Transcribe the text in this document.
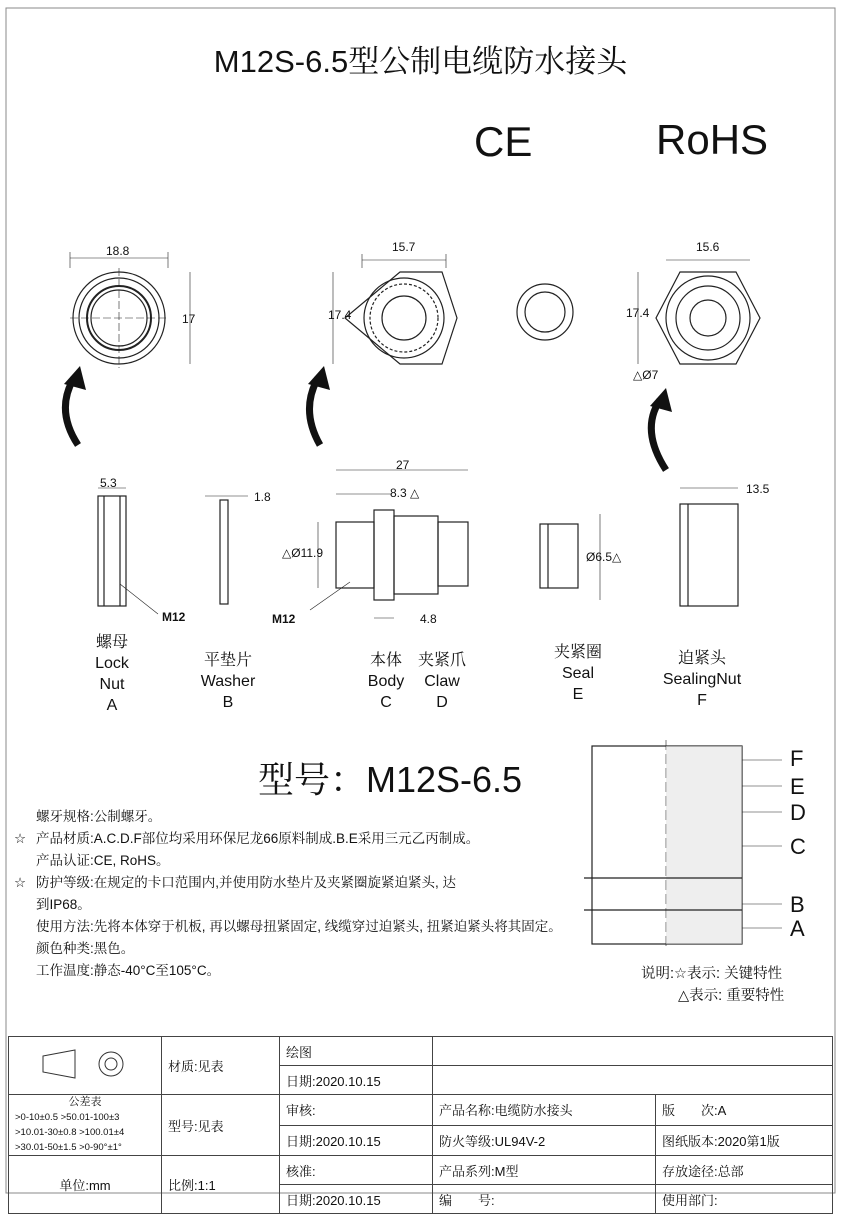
M12S-6.5型公制电缆防水接头
CE	RoHS
18.8
17
15.7
17.4
15.6
17.4
△Ø7
5.3
1.8
27
8.3 △
△Ø11.9
4.8
Ø6.5△
13.5
M12	M12
螺母
Lock
Nut
A
平垫片
Washer
B
本体
Body
C
夹紧爪
Claw
D
夹紧圈
Seal
E
迫紧头
SealingNut
F
型号：M12S-6.5
螺牙规格:公制螺牙。
☆ 产品材质:A.C.D.F部位均采用环保尼龙66原料制成.B.E采用三元乙丙制成。
产品认证:CE, RoHS。
☆ 防护等级:在规定的卡口范围内,并使用防水垫片及夹紧圈旋紧迫紧头, 达
到IP68。
使用方法:先将本体穿于机板, 再以螺母扭紧固定, 线缆穿过迫紧头, 扭紧迫紧头将其固定。
颜色种类:黑色。
工作温度:静态-40°C至105°C。
F
E
D
C
B
A
说明:☆表示: 关键特性
△表示: 重要特性
	材质:见表	绘图		
		日期:2020.10.15		

公差表
>0-10±0.5 >50.01-100±3
>10.01-30±0.8 >100.01±4
>30.01-50±1.5 >0-90°±1°	型号:见表	审核:	产品名称:电缆防水接头	版　　次:A
		日期:2020.10.15	防火等级:UL94V-2	图纸版本:2020第1版
单位:mm	比例:1:1	核准:	产品系列:M型	存放途径:总部
		日期:2020.10.15	编　　号:	使用部门:
